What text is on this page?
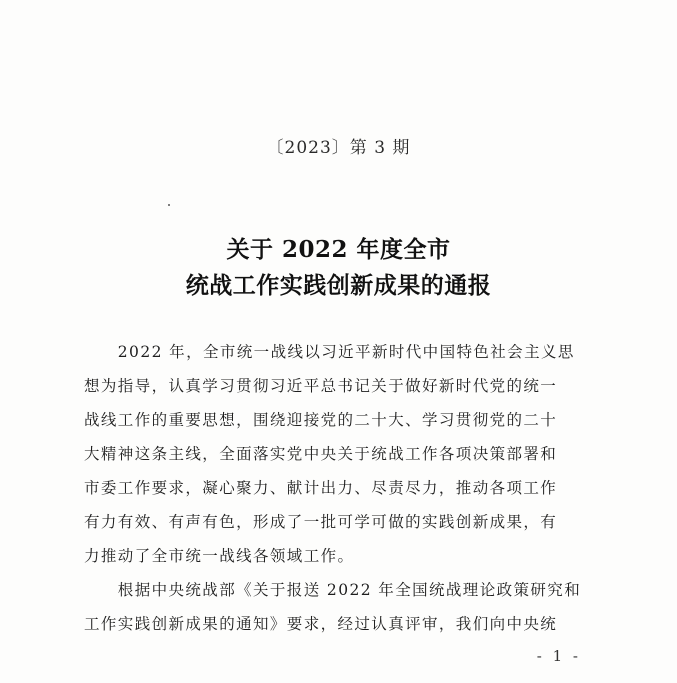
〔2023〕第 3 期
关于 2022 年度全市
统战工作实践创新成果的通报
　　2022 年，全市统一战线以习近平新时代中国特色社会主义思
想为指导，认真学习贯彻习近平总书记关于做好新时代党的统一
战线工作的重要思想，围绕迎接党的二十大、学习贯彻党的二十
大精神这条主线，全面落实党中央关于统战工作各项决策部署和
市委工作要求，凝心聚力、献计出力、尽责尽力，推动各项工作
有力有效、有声有色，形成了一批可学可做的实践创新成果，有
力推动了全市统一战线各领域工作。
　　根据中央统战部《关于报送 2022 年全国统战理论政策研究和
工作实践创新成果的通知》要求，经过认真评审，我们向中央统
- 1 -
